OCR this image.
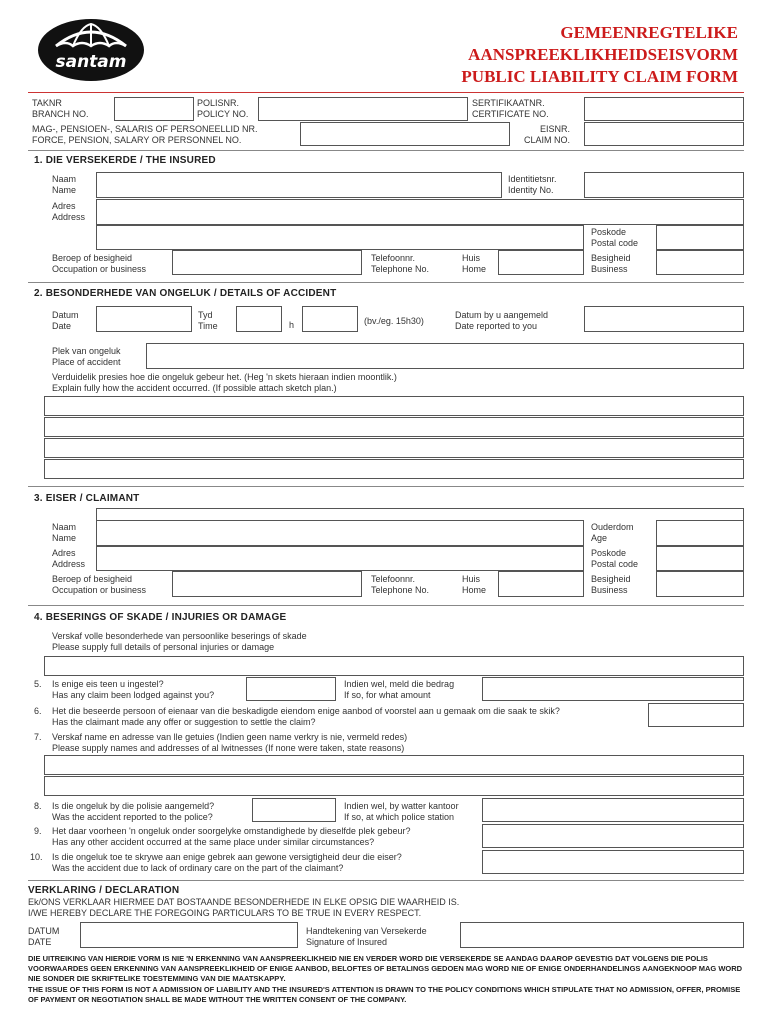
santam
GEMEENREGTELIKE
AANSPREEKLIKHEIDSEISVORM
PUBLIC LIABILITY CLAIM FORM
TAKNR
BRANCH NO.
POLISNR.
POLICY NO.
SERTIFIKAATNR.
CERTIFICATE NO.
MAG-, PENSIOEN-, SALARIS OF PERSONEELLID NR.
FORCE, PENSION, SALARY OR PERSONNEL NO.
EISNR.
CLAIM NO.
1. DIE VERSEKERDE / THE INSURED
Naam
Name
Identitietsnr.
Identity No.
Adres
Address
Poskode
Postal code
Beroep of besigheid
Occupation or business
Telefoonnr.
Telephone No.
Huis
Home
Besigheid
Business
2. BESONDERHEDE VAN ONGELUK / DETAILS OF ACCIDENT
Datum
Date
Tyd
Time	h	(bv./eg. 15h30)
Datum by u aangemeld
Date reported to you
Plek van ongeluk
Place of accident
Verduidelik presies hoe die ongeluk gebeur het. (Heg 'n skets hieraan indien moontlik.)
Explain fully how the accident occurred. (If possible attach sketch plan.)
3. EISER / CLAIMANT
Naam
Name
Ouderdom
Age
Adres
Address
Poskode
Postal code
Beroep of besigheid
Occupation or business
Telefoonnr.
Telephone No.
Huis
Home
Besigheid
Business
4. BESERINGS OF SKADE / INJURIES OR DAMAGE
Verskaf volle besonderhede van persoonlike beserings of skade
Please supply full details of personal injuries or damage
5. Is enige eis teen u ingestel?
Has any claim been lodged against you?
Indien wel, meld die bedrag
If so, for what amount
6. Het die beseerde persoon of eienaar van die beskadigde eiendom enige aanbod of voorstel aan u gemaak om die saak te skik?
Has the claimant made any offer or suggestion to settle the claim?
7. Verskaf name en adresse van lle getuies (Indien geen name verkry is nie, vermeld redes)
Please supply names and addresses of al lwitnesses (If none were taken, state reasons)
8. Is die ongeluk by die polisie aangemeld?
Was the accident reported to the police?
Indien wel, by watter kantoor
If so, at which police station
9. Het daar voorheen 'n ongeluk onder soorgelyke omstandighede by dieselfde plek gebeur?
Has any other accident occurred at the same place under similar circumstances?
10. Is die ongeluk toe te skrywe aan enige gebrek aan gewone versigtigheid deur die eiser?
Was the accident due to lack of ordinary care on the part of the claimant?
VERKLARING / DECLARATION
Ek/ONS VERKLAAR HIERMEE DAT BOSTAANDE BESONDERHEDE IN ELKE OPSIG DIE WAARHEID IS.
I/WE HEREBY DECLARE THE FOREGOING PARTICULARS TO BE TRUE IN EVERY RESPECT.
DATUM
DATE
Handtekening van Versekerde
Signature of Insured
DIE UITREIKING VAN HIERDIE VORM IS NIE 'N ERKENNING VAN AANSPREEKLIKHEID NIE EN VERDER WORD DIE VERSEKERDE SE AANDAG DAAROP GEVESTIG DAT VOLGENS DIE POLIS VOORWAARDES GEEN ERKENNING VAN AANSPREEKLIKHEID OF ENIGE AANBOD, BELOFTES OF BETALINGS GEDOEN MAG WORD NIE OF ENIGE ONDERHANDELINGS AANGEKNOOP MAG WORD NIE SONDER DIE SKRIFTELIKE TOESTEMMING VAN DIE MAATSKAPPY.
THE ISSUE OF THIS FORM IS NOT A ADMISSION OF LIABILITY AND THE INSURED'S ATTENTION IS DRAWN TO THE POLICY CONDITIONS WHICH STIPULATE THAT NO ADMISSION, OFFER, PROMISE OF PAYMENT OR NEGOTIATION SHALL BE MADE WITHOUT THE WRITTEN CONSENT OF THE COMPANY.
